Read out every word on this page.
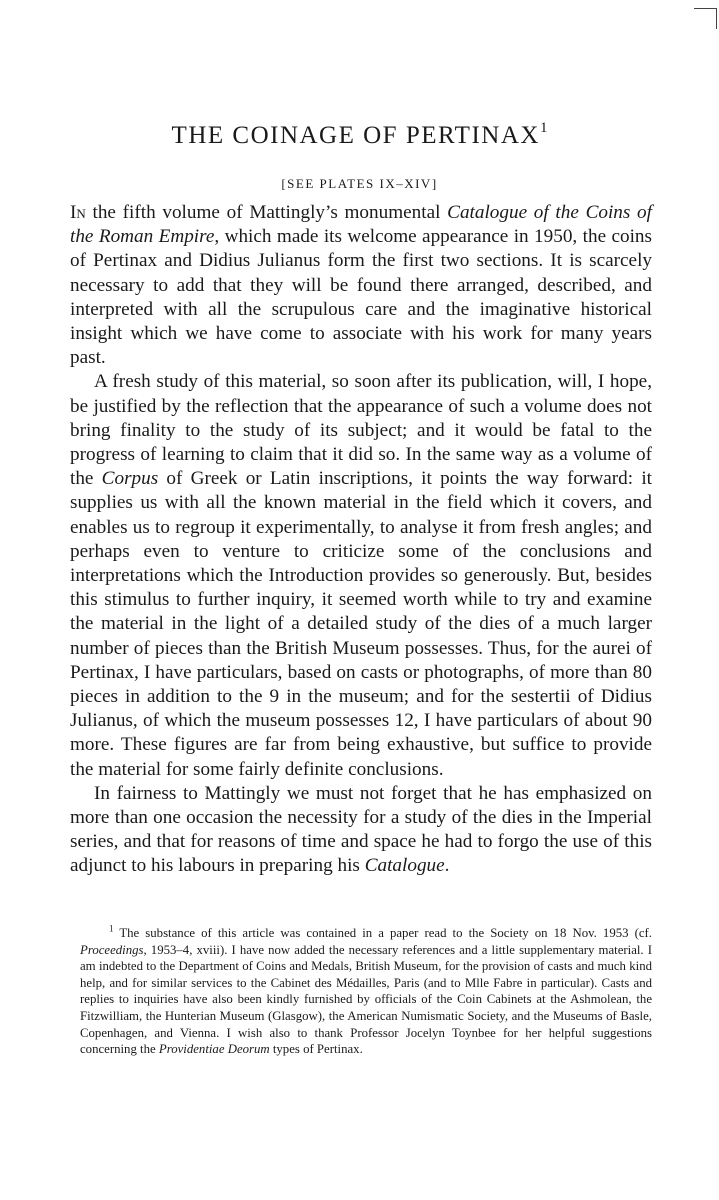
THE COINAGE OF PERTINAX$^1$
[SEE PLATES IX–XIV]

In the fifth volume of Mattingly’s monumental Catalogue of the Coins of the Roman Empire, which made its welcome appearance in 1950, the coins of Pertinax and Didius Julianus form the first two sections. It is scarcely necessary to add that they will be found there arranged, described, and interpreted with all the scrupulous care and the imaginative historical insight which we have come to associate with his work for many years past.

A fresh study of this material, so soon after its publication, will, I hope, be justified by the reflection that the appearance of such a volume does not bring finality to the study of its subject; and it would be fatal to the progress of learning to claim that it did so. In the same way as a volume of the Corpus of Greek or Latin inscriptions, it points the way forward: it supplies us with all the known material in the field which it covers, and enables us to regroup it experimentally, to analyse it from fresh angles; and perhaps even to venture to criticize some of the conclusions and interpretations which the Introduction provides so generously. But, besides this stimulus to further inquiry, it seemed worth while to try and examine the material in the light of a detailed study of the dies of a much larger number of pieces than the British Museum possesses. Thus, for the aurei of Pertinax, I have particulars, based on casts or photographs, of more than 80 pieces in addition to the 9 in the museum; and for the sestertii of Didius Julianus, of which the museum possesses 12, I have particulars of about 90 more. These figures are far from being exhaustive, but suffice to provide the material for some fairly definite conclusions.

In fairness to Mattingly we must not forget that he has emphasized on more than one occasion the necessity for a study of the dies in the Imperial series, and that for reasons of time and space he had to forgo the use of this adjunct to his labours in preparing his Catalogue.

$^1$ The substance of this article was contained in a paper read to the Society on 18 Nov. 1953 (cf. Proceedings, 1953–4, xviii). I have now added the necessary references and a little supplementary material. I am indebted to the Department of Coins and Medals, British Museum, for the provision of casts and much kind help, and for similar services to the Cabinet des Médailles, Paris (and to Mlle Fabre in particular). Casts and replies to inquiries have also been kindly furnished by officials of the Coin Cabinets at the Ashmolean, the Fitzwilliam, the Hunterian Museum (Glasgow), the American Numismatic Society, and the Museums of Basle, Copenhagen, and Vienna. I wish also to thank Professor Jocelyn Toynbee for her helpful suggestions concerning the Providentiae Deorum types of Pertinax.
